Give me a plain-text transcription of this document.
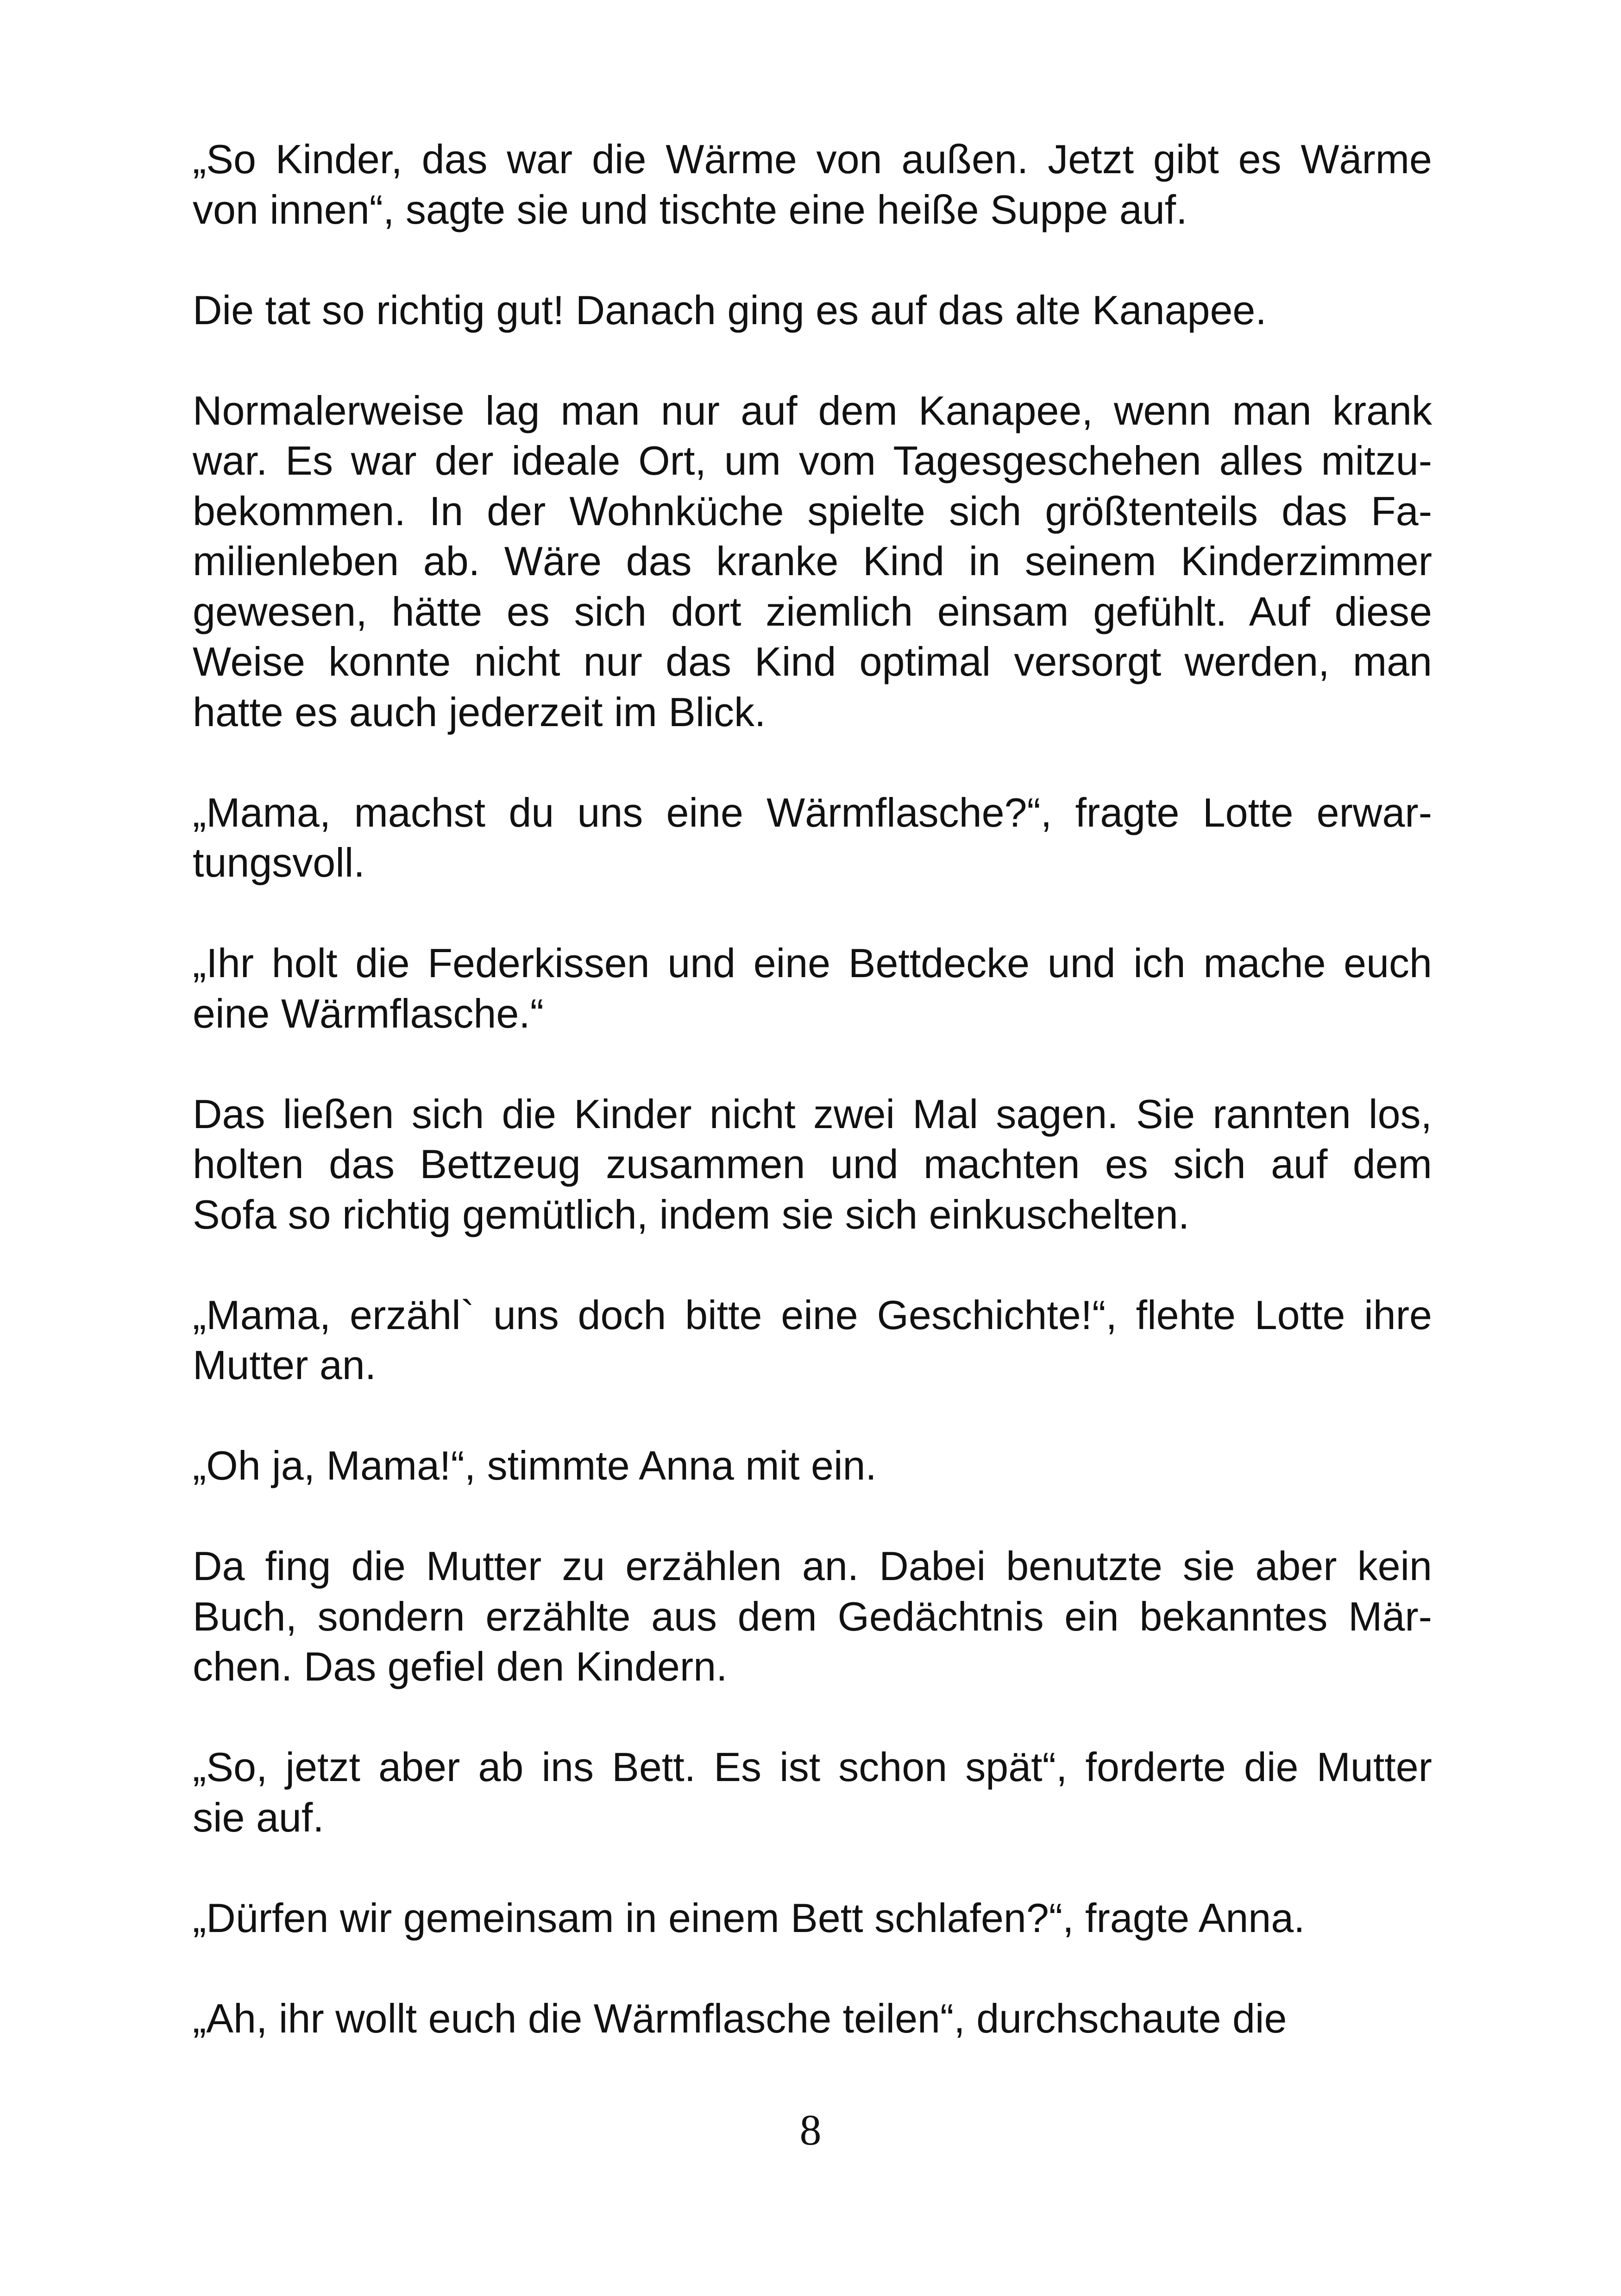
„So Kinder, das war die Wärme von außen. Jetzt gibt es Wärme
von innen“, sagte sie und tischte eine heiße Suppe auf.

Die tat so richtig gut! Danach ging es auf das alte Kanapee.

Normalerweise lag man nur auf dem Kanapee, wenn man krank
war. Es war der ideale Ort, um vom Tagesgeschehen alles mitzu-
bekommen. In der Wohnküche spielte sich größtenteils das Fa-
milienleben ab. Wäre das kranke Kind in seinem Kinderzimmer
gewesen, hätte es sich dort ziemlich einsam gefühlt. Auf diese
Weise konnte nicht nur das Kind optimal versorgt werden, man
hatte es auch jederzeit im Blick.

„Mama, machst du uns eine Wärmflasche?“, fragte Lotte erwar-
tungsvoll.

„Ihr holt die Federkissen und eine Bettdecke und ich mache euch
eine Wärmflasche.“

Das ließen sich die Kinder nicht zwei Mal sagen. Sie rannten los,
holten das Bettzeug zusammen und machten es sich auf dem
Sofa so richtig gemütlich, indem sie sich einkuschelten.

„Mama, erzähl` uns doch bitte eine Geschichte!“, flehte Lotte ihre
Mutter an.

„Oh ja, Mama!“, stimmte Anna mit ein.

Da fing die Mutter zu erzählen an. Dabei benutzte sie aber kein
Buch, sondern erzählte aus dem Gedächtnis ein bekanntes Mär-
chen. Das gefiel den Kindern.

„So, jetzt aber ab ins Bett. Es ist schon spät“, forderte die Mutter
sie auf.

„Dürfen wir gemeinsam in einem Bett schlafen?“, fragte Anna.

„Ah, ihr wollt euch die Wärmflasche teilen“, durchschaute die

8
